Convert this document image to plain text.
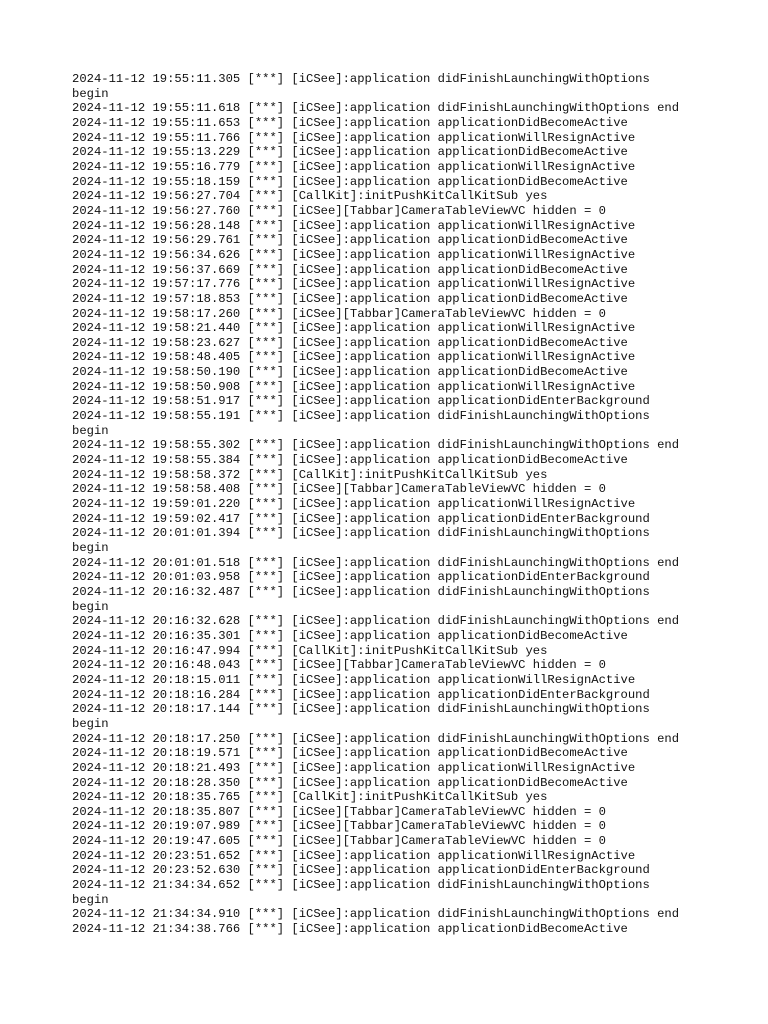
2024-11-12 19:55:11.305 [***] [iCSee]:application didFinishLaunchingWithOptions
begin
2024-11-12 19:55:11.618 [***] [iCSee]:application didFinishLaunchingWithOptions end
2024-11-12 19:55:11.653 [***] [iCSee]:application applicationDidBecomeActive
2024-11-12 19:55:11.766 [***] [iCSee]:application applicationWillResignActive
2024-11-12 19:55:13.229 [***] [iCSee]:application applicationDidBecomeActive
2024-11-12 19:55:16.779 [***] [iCSee]:application applicationWillResignActive
2024-11-12 19:55:18.159 [***] [iCSee]:application applicationDidBecomeActive
2024-11-12 19:56:27.704 [***] [CallKit]:initPushKitCallKitSub yes
2024-11-12 19:56:27.760 [***] [iCSee][Tabbar]CameraTableViewVC hidden = 0
2024-11-12 19:56:28.148 [***] [iCSee]:application applicationWillResignActive
2024-11-12 19:56:29.761 [***] [iCSee]:application applicationDidBecomeActive
2024-11-12 19:56:34.626 [***] [iCSee]:application applicationWillResignActive
2024-11-12 19:56:37.669 [***] [iCSee]:application applicationDidBecomeActive
2024-11-12 19:57:17.776 [***] [iCSee]:application applicationWillResignActive
2024-11-12 19:57:18.853 [***] [iCSee]:application applicationDidBecomeActive
2024-11-12 19:58:17.260 [***] [iCSee][Tabbar]CameraTableViewVC hidden = 0
2024-11-12 19:58:21.440 [***] [iCSee]:application applicationWillResignActive
2024-11-12 19:58:23.627 [***] [iCSee]:application applicationDidBecomeActive
2024-11-12 19:58:48.405 [***] [iCSee]:application applicationWillResignActive
2024-11-12 19:58:50.190 [***] [iCSee]:application applicationDidBecomeActive
2024-11-12 19:58:50.908 [***] [iCSee]:application applicationWillResignActive
2024-11-12 19:58:51.917 [***] [iCSee]:application applicationDidEnterBackground
2024-11-12 19:58:55.191 [***] [iCSee]:application didFinishLaunchingWithOptions
begin
2024-11-12 19:58:55.302 [***] [iCSee]:application didFinishLaunchingWithOptions end
2024-11-12 19:58:55.384 [***] [iCSee]:application applicationDidBecomeActive
2024-11-12 19:58:58.372 [***] [CallKit]:initPushKitCallKitSub yes
2024-11-12 19:58:58.408 [***] [iCSee][Tabbar]CameraTableViewVC hidden = 0
2024-11-12 19:59:01.220 [***] [iCSee]:application applicationWillResignActive
2024-11-12 19:59:02.417 [***] [iCSee]:application applicationDidEnterBackground
2024-11-12 20:01:01.394 [***] [iCSee]:application didFinishLaunchingWithOptions
begin
2024-11-12 20:01:01.518 [***] [iCSee]:application didFinishLaunchingWithOptions end
2024-11-12 20:01:03.958 [***] [iCSee]:application applicationDidEnterBackground
2024-11-12 20:16:32.487 [***] [iCSee]:application didFinishLaunchingWithOptions
begin
2024-11-12 20:16:32.628 [***] [iCSee]:application didFinishLaunchingWithOptions end
2024-11-12 20:16:35.301 [***] [iCSee]:application applicationDidBecomeActive
2024-11-12 20:16:47.994 [***] [CallKit]:initPushKitCallKitSub yes
2024-11-12 20:16:48.043 [***] [iCSee][Tabbar]CameraTableViewVC hidden = 0
2024-11-12 20:18:15.011 [***] [iCSee]:application applicationWillResignActive
2024-11-12 20:18:16.284 [***] [iCSee]:application applicationDidEnterBackground
2024-11-12 20:18:17.144 [***] [iCSee]:application didFinishLaunchingWithOptions
begin
2024-11-12 20:18:17.250 [***] [iCSee]:application didFinishLaunchingWithOptions end
2024-11-12 20:18:19.571 [***] [iCSee]:application applicationDidBecomeActive
2024-11-12 20:18:21.493 [***] [iCSee]:application applicationWillResignActive
2024-11-12 20:18:28.350 [***] [iCSee]:application applicationDidBecomeActive
2024-11-12 20:18:35.765 [***] [CallKit]:initPushKitCallKitSub yes
2024-11-12 20:18:35.807 [***] [iCSee][Tabbar]CameraTableViewVC hidden = 0
2024-11-12 20:19:07.989 [***] [iCSee][Tabbar]CameraTableViewVC hidden = 0
2024-11-12 20:19:47.605 [***] [iCSee][Tabbar]CameraTableViewVC hidden = 0
2024-11-12 20:23:51.652 [***] [iCSee]:application applicationWillResignActive
2024-11-12 20:23:52.630 [***] [iCSee]:application applicationDidEnterBackground
2024-11-12 21:34:34.652 [***] [iCSee]:application didFinishLaunchingWithOptions
begin
2024-11-12 21:34:34.910 [***] [iCSee]:application didFinishLaunchingWithOptions end
2024-11-12 21:34:38.766 [***] [iCSee]:application applicationDidBecomeActive
